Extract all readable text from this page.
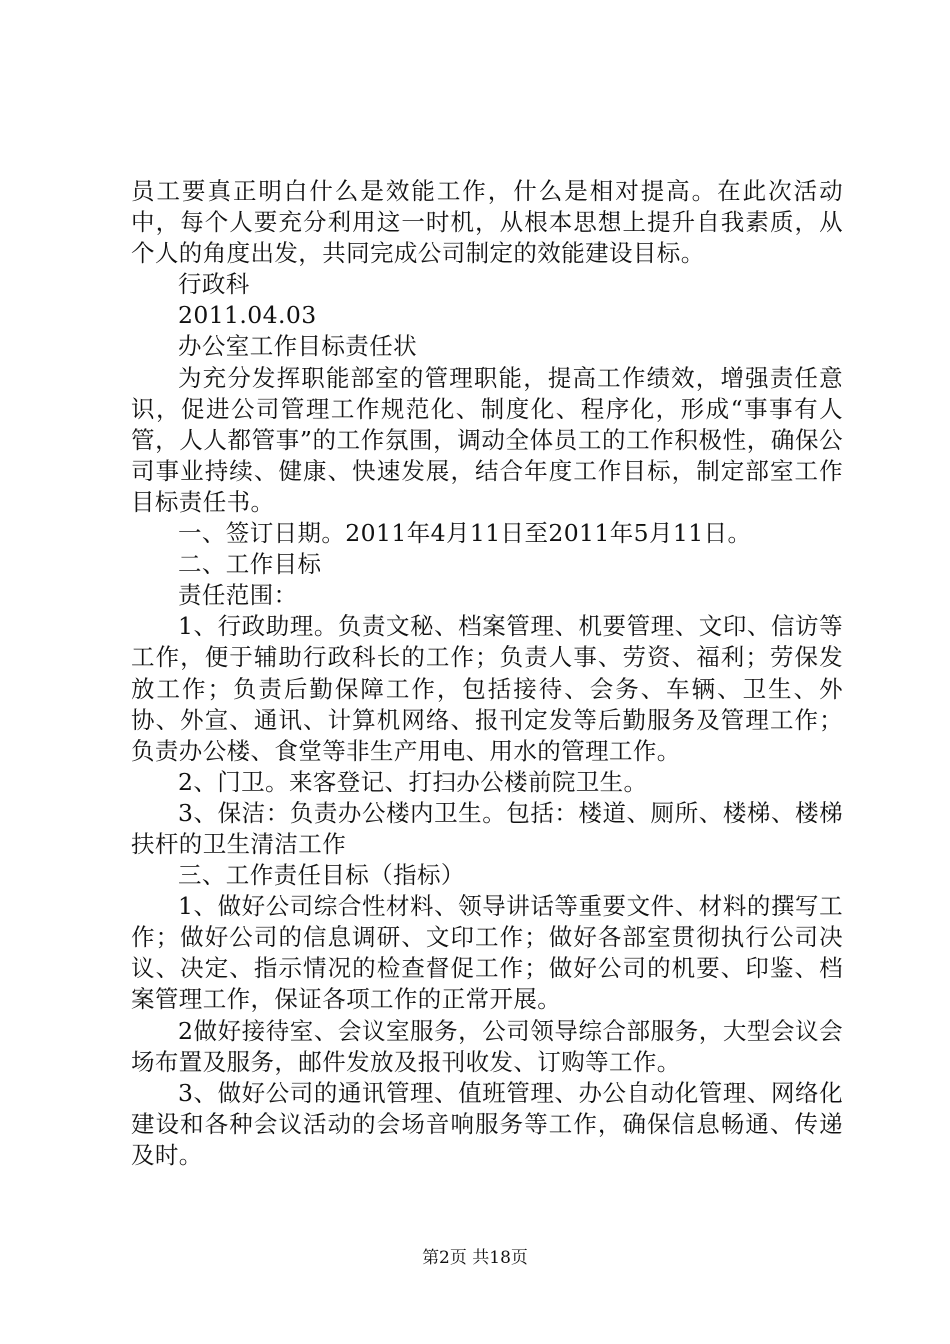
员工要真正明白什么是效能工作，什么是相对提高。在此次活动中，每个人要充分利用这一时机，从根本思想上提升自我素质，从个人的角度出发，共同完成公司制定的效能建设目标。

行政科

2011.04.03

办公室工作目标责任状

为充分发挥职能部室的管理职能，提高工作绩效，增强责任意识，促进公司管理工作规范化、制度化、程序化，形成“事事有人管，人人都管事”的工作氛围，调动全体员工的工作积极性，确保公司事业持续、健康、快速发展，结合年度工作目标，制定部室工作目标责任书。

一、签订日期。2011年4月11日至2011年5月11日。

二、工作目标

责任范围：

1、行政助理。负责文秘、档案管理、机要管理、文印、信访等工作，便于辅助行政科长的工作；负责人事、劳资、福利；劳保发放工作；负责后勤保障工作，包括接待、会务、车辆、卫生、外协、外宣、通讯、计算机网络、报刊定发等后勤服务及管理工作；负责办公楼、食堂等非生产用电、用水的管理工作。

2、门卫。来客登记、打扫办公楼前院卫生。

3、保洁：负责办公楼内卫生。包括：楼道、厕所、楼梯、楼梯扶杆的卫生清洁工作

三、工作责任目标（指标）

1、做好公司综合性材料、领导讲话等重要文件、材料的撰写工作；做好公司的信息调研、文印工作；做好各部室贯彻执行公司决议、决定、指示情况的检查督促工作；做好公司的机要、印鉴、档案管理工作，保证各项工作的正常开展。

2做好接待室、会议室服务，公司领导综合部服务，大型会议会场布置及服务，邮件发放及报刊收发、订购等工作。

3、做好公司的通讯管理、值班管理、办公自动化管理、网络化建设和各种会议活动的会场音响服务等工作，确保信息畅通、传递及时。

第2页 共18页
